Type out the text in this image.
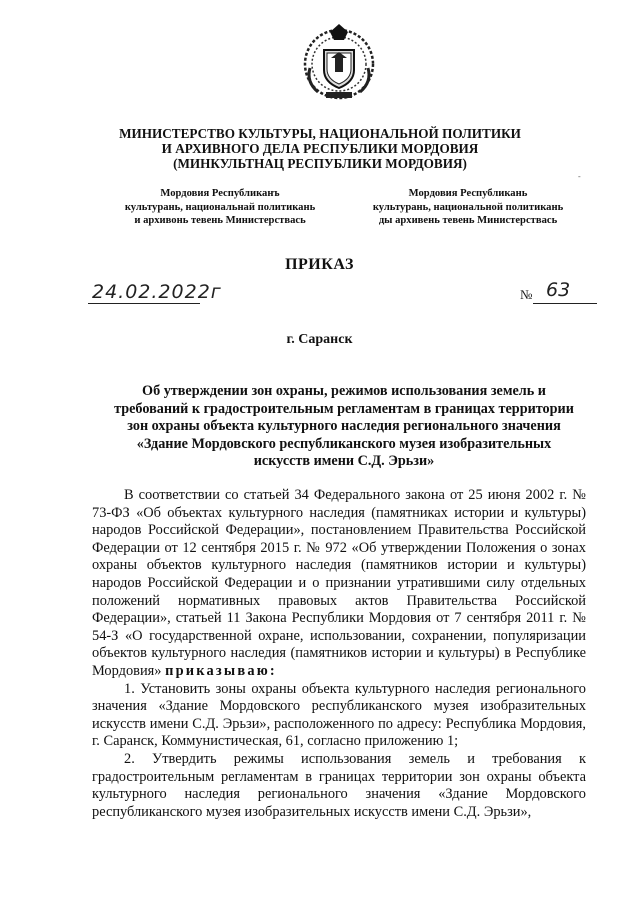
МИНИСТЕРСТВО КУЛЬТУРЫ, НАЦИОНАЛЬНОЙ ПОЛИТИКИ
И АРХИВНОГО ДЕЛА РЕСПУБЛИКИ МОРДОВИЯ
(МИНКУЛЬТНАЦ РЕСПУБЛИКИ МОРДОВИЯ)
-
Мордовия Республиканъ
культурань, национальнай политикань
и архивонь тевень Министерствась
Мордовия Республикань
культурань, национальной политикань
ды архивень тевень Министерствась
ПРИКАЗ
24.02.2022г	№ 63
г. Саранск
Об утверждении зон охраны, режимов использования земель и
требований к градостроительным регламентам в границах территории
зон охраны объекта культурного наследия регионального значения
«Здание Мордовского республиканского музея изобразительных
искусств имени С.Д. Эрьзи»

В соответствии со статьей 34 Федерального закона от 25 июня 2002 г. № 73-ФЗ «Об объектах культурного наследия (памятниках истории и культуры) народов Российской Федерации», постановлением Правительства Российской Федерации от 12 сентября 2015 г. № 972 «Об утверждении Положения о зонах охраны объектов культурного наследия (памятников истории и культуры) народов Российской Федерации и о признании утратившими силу отдельных положений нормативных правовых актов Правительства Российской Федерации», статьей 11 Закона Республики Мордовия от 7 сентября 2011 г. № 54-З «О государственной охране, использовании, сохранении, популяризации объектов культурного наследия (памятников истории и культуры) в Республике Мордовия» приказываю:

1. Установить зоны охраны объекта культурного наследия регионального значения «Здание Мордовского республиканского музея изобразительных искусств имени С.Д. Эрьзи», расположенного по адресу: Республика Мордовия, г. Саранск, Коммунистическая, 61, согласно приложению 1;

2. Утвердить режимы использования земель и требования к градостроительным регламентам в границах территории зон охраны объекта культурного наследия регионального значения «Здание Мордовского республиканского музея изобразительных искусств имени С.Д. Эрьзи»,
